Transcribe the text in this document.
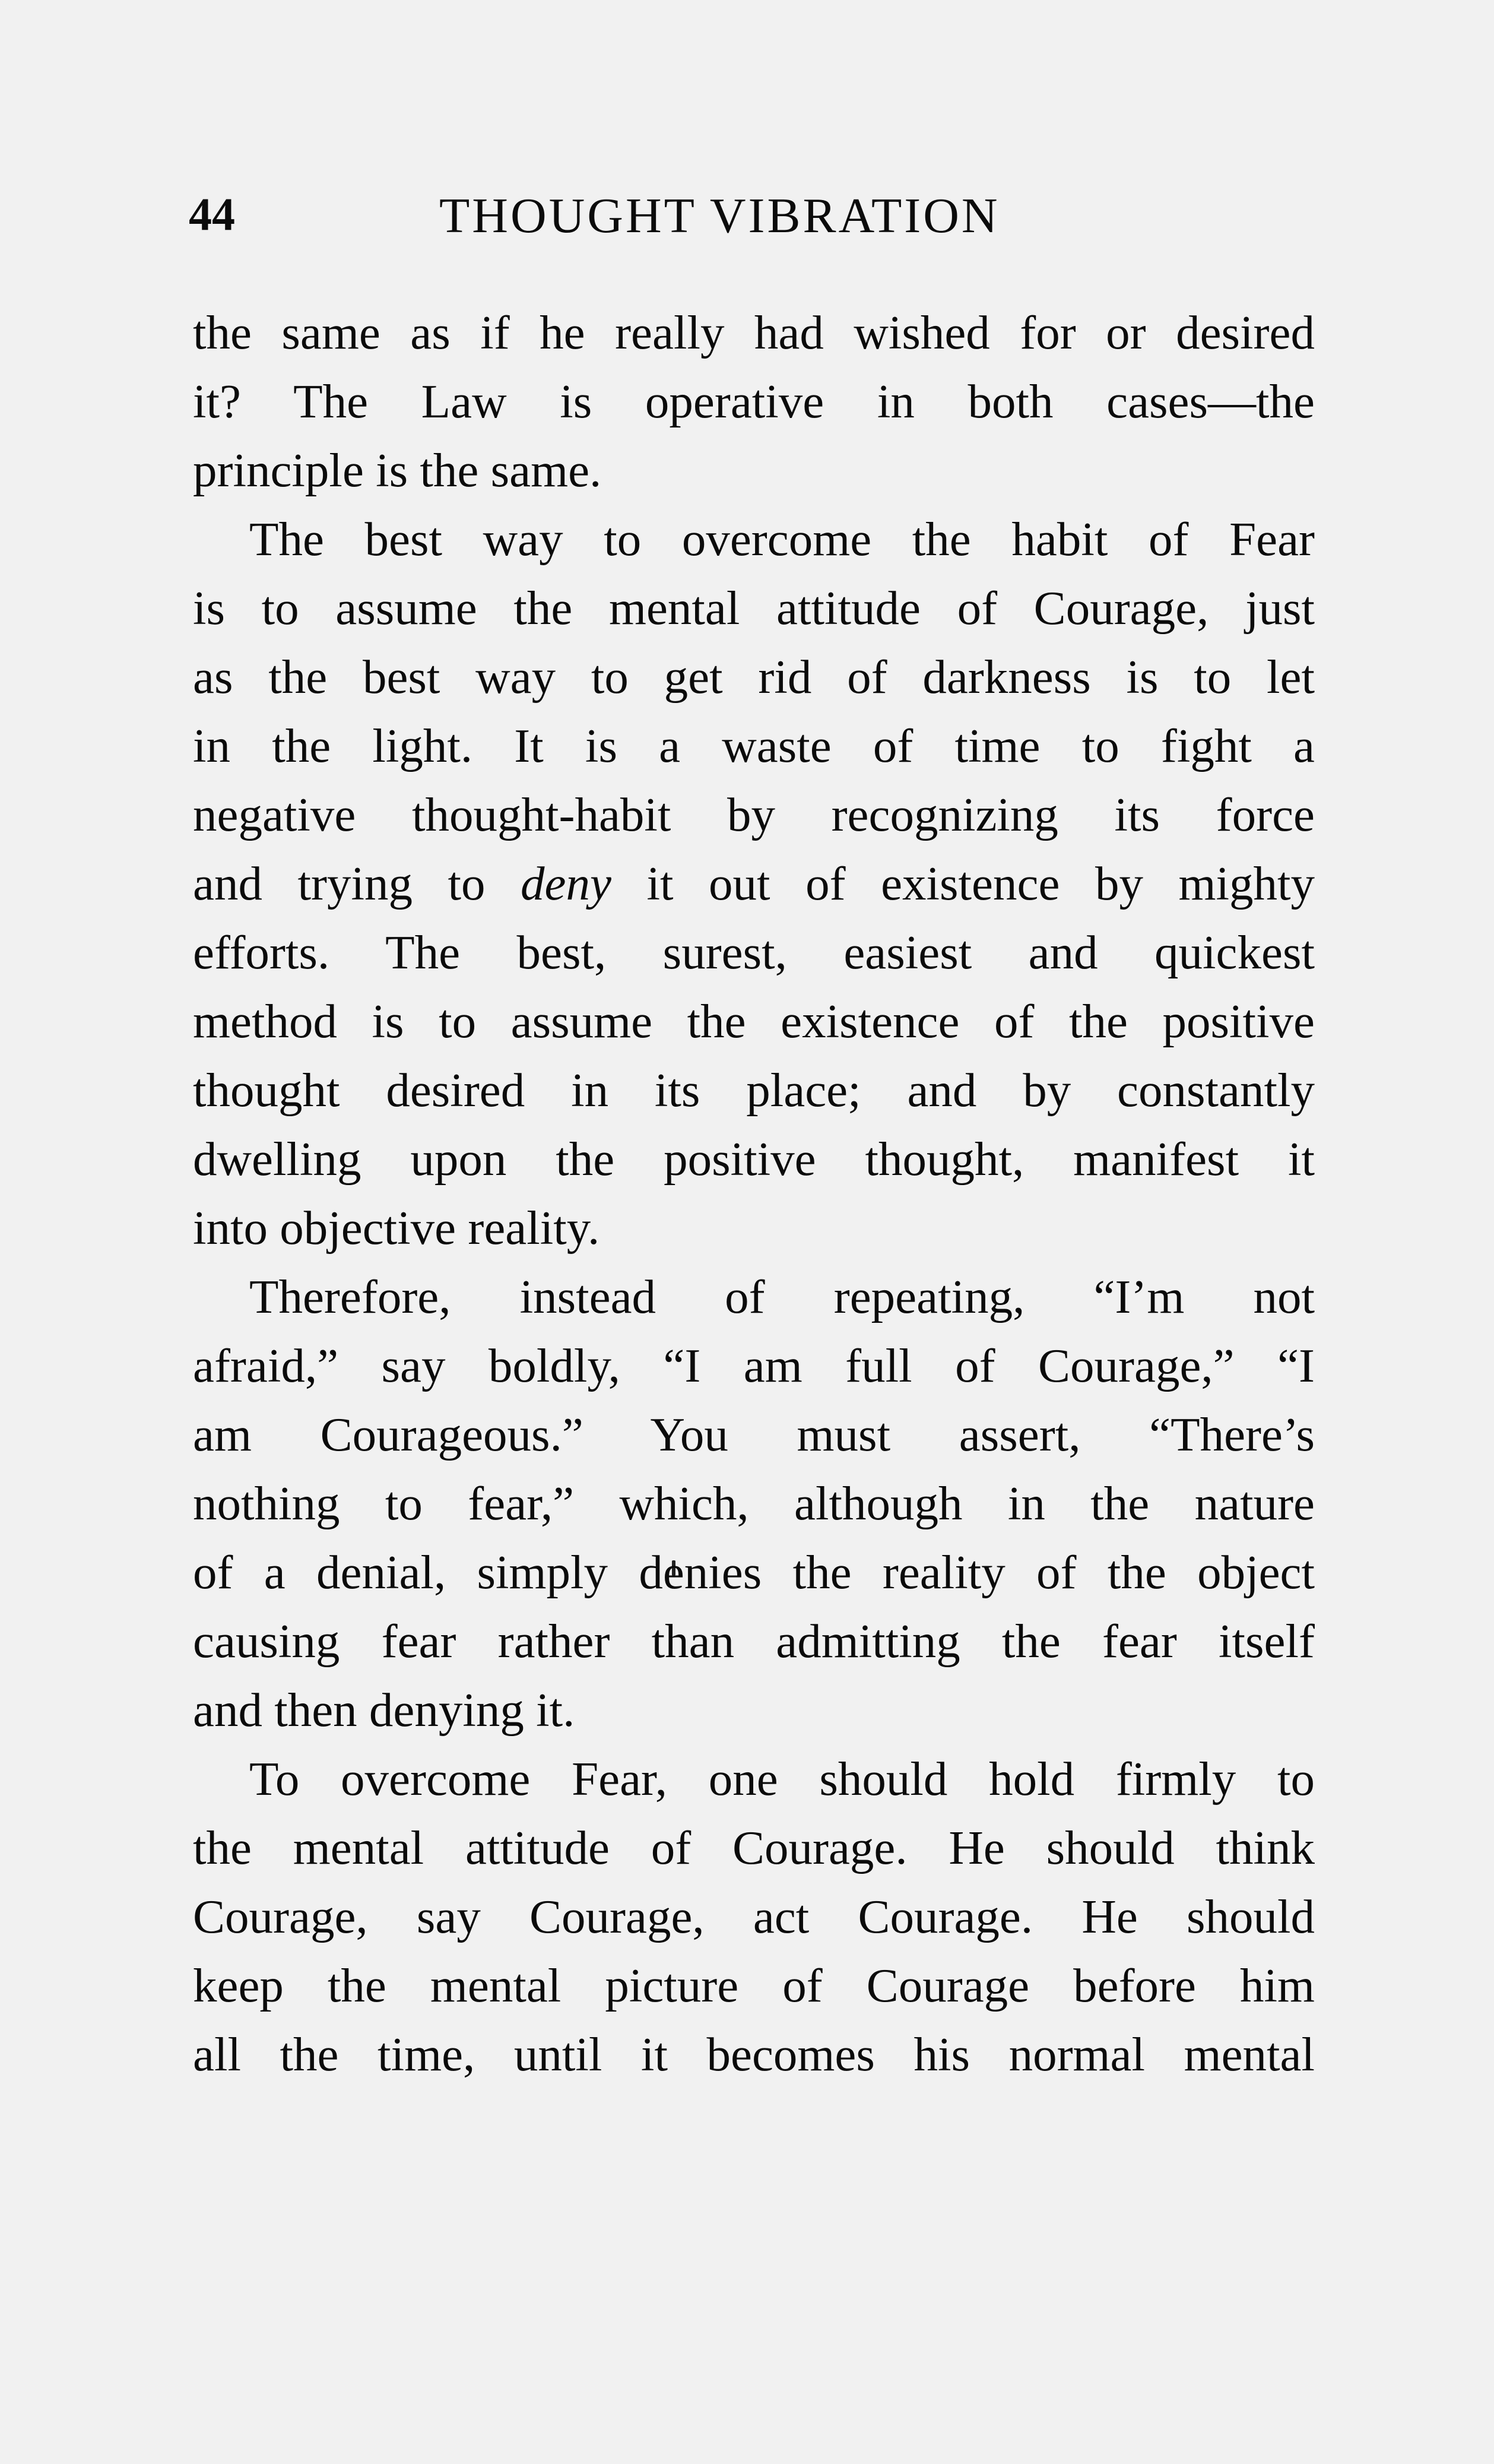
44	THOUGHT VIBRATION
the same as if he really had wished for or desired
it? The Law is operative in both cases—the
principle is the same.
The best way to overcome the habit of Fear
is to assume the mental attitude of Courage, just
as the best way to get rid of darkness is to let
in the light. It is a waste of time to fight a
negative thought-habit by recognizing its force
and trying to deny it out of existence by mighty
efforts. The best, surest, easiest and quickest
method is to assume the existence of the positive
thought desired in its place; and by constantly
dwelling upon the positive thought, manifest it
into objective reality.
Therefore, instead of repeating, “I’m not
afraid,” say boldly, “I am full of Courage,” “I
am Courageous.” You must assert, “There’s
nothing to fear,” which, although in the nature
of a denial, simply denies the reality of the object
causing fear rather than admitting the fear itself
and then denying it.
To overcome Fear, one should hold firmly to
the mental attitude of Courage. He should think
Courage, say Courage, act Courage. He should
keep the mental picture of Courage before him
all the time, until it becomes his normal mental
